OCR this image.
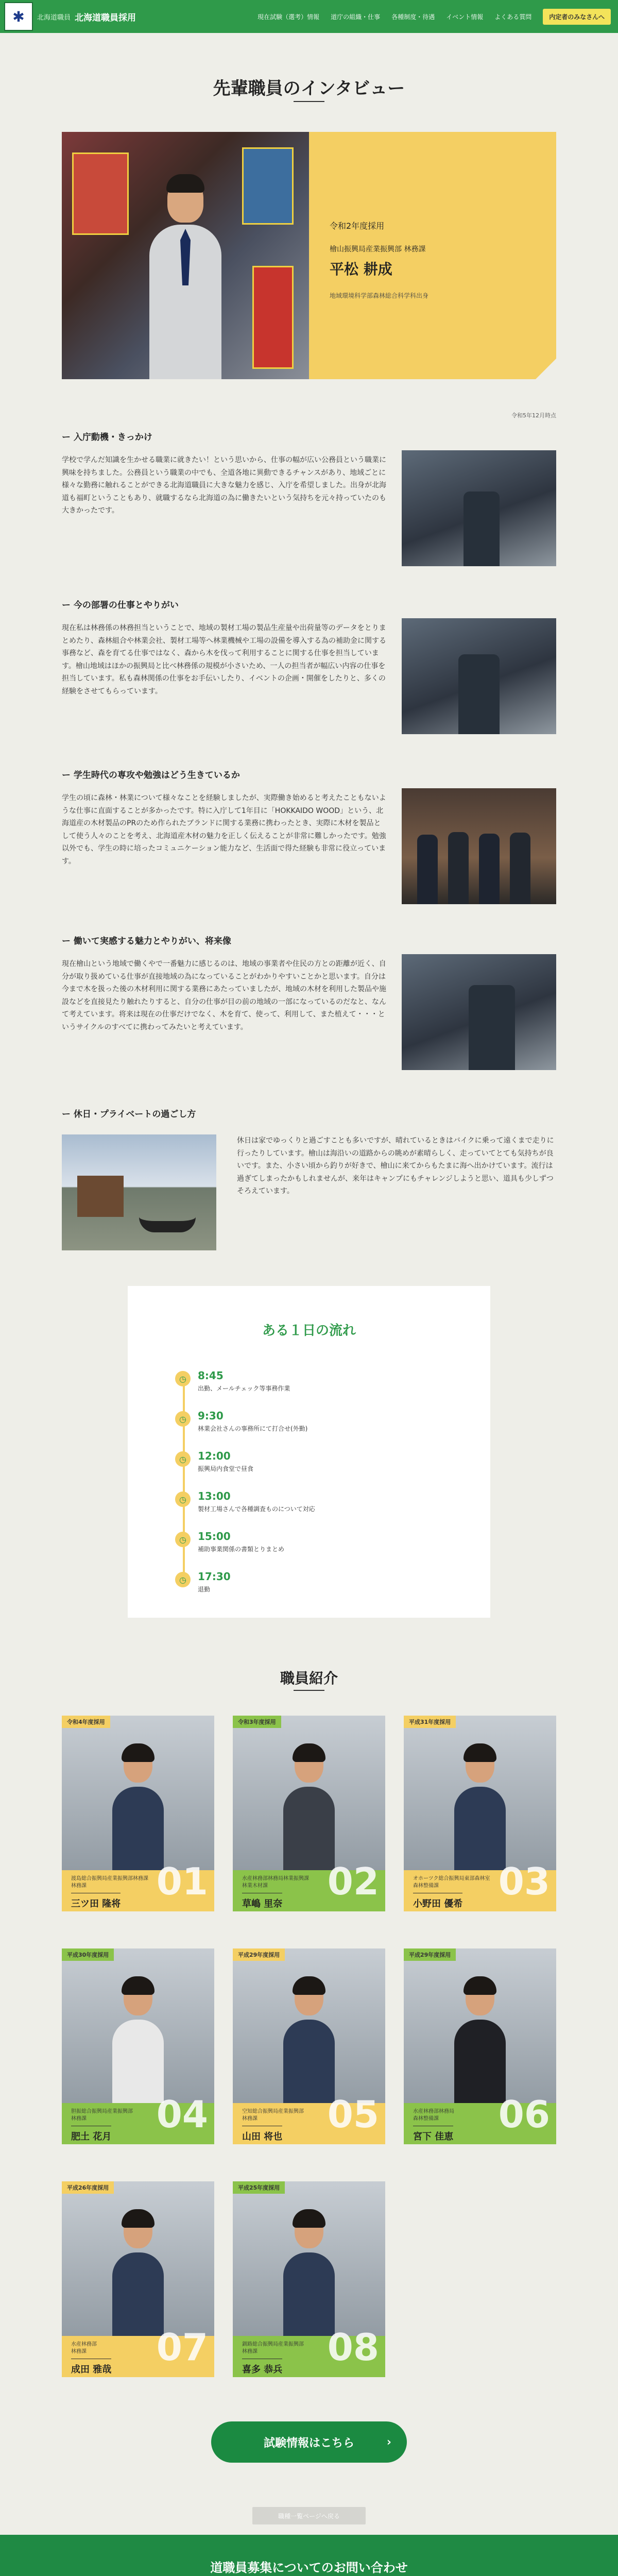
✱ 北海道職員 北海道職員採用	現在試験（選考）情報 道庁の組織・仕事 各種制度・待遇 イベント情報 よくある質問	内定者のみなさんへ
先輩職員のインタビュー
令和2年度採用
檜山振興局産業振興部 林務課
平松 耕成
地域環境科学部森林総合科学科出身
令和5年12月時点
ー 入庁動機・きっかけ

学校で学んだ知識を生かせる職業に就きたい！という思いから、仕事の幅が広い公務員という職業に興味を持ちました。公務員という職業の中でも、全道各地に異動できるチャンスがあり、地域ごとに様々な勤務に触れることができる北海道職員に大きな魅力を感じ、入庁を希望しました。出身が北海道も福町ということもあり、就職するなら北海道の為に働きたいという気持ちを元々持っていたのも大きかったです。

ー 今の部署の仕事とやりがい

現在私は林務係の林務担当ということで、地域の製材工場の製品生産量や出荷量等のデータをとりまとめたり、森林組合や林業会社、製材工場等へ林業機械や工場の設備を導入する為の補助金に関する事務など、森を育てる仕事ではなく、森から木を伐って利用することに関する仕事を担当しています。檜山地域はほかの振興局と比べ林務係の規模が小さいため、一人の担当者が幅広い内容の仕事を担当しています。私も森林関係の仕事をお手伝いしたり、イベントの企画・開催をしたりと、多くの経験をさせてもらっています。

ー 学生時代の専攻や勉強はどう生きているか

学生の頃に森林・林業について様々なことを経験しましたが、実際働き始めると考えたこともないような仕事に直面することが多かったです。特に入庁して1年目に「HOKKAIDO WOOD」という、北海道産の木材製品のPRのため作られたブランドに関する業務に携わったとき、実際に木材を製品として使う人々のことを考え、北海道産木材の魅力を正しく伝えることが非常に難しかったです。勉強以外でも、学生の時に培ったコミュニケーション能力など、生活面で得た経験も非常に役立っています。

ー 働いて実感する魅力とやりがい、将来像

現在檜山という地域で働くやで一番魅力に感じるのは、地域の事業者や住民の方との距離が近く、自分が取り扱めている仕事が直接地域の為になっていることがわかりやすいことかと思います。自分は今まで木を扱った後の木材利用に関する業務にあたっていましたが、地域の木材を利用した製品や施設などを直接見たり触れたりすると、自分の仕事が目の前の地域の一部になっているのだなと、なんて考えています。将来は現在の仕事だけでなく、木を育て、使って、利用して、また植えて・・・というサイクルのすべてに携わってみたいと考えています。

ー 休日・プライベートの過ごし方

休日は家でゆっくりと過ごすことも多いですが、晴れているときはバイクに乗って遠くまで走りに行ったりしています。檜山は海沿いの道路からの眺めが素晴らしく、走っていてとても気持ちが良いです。また、小さい頃から釣りが好きで、檜山に来てからもたまに海へ出かけています。流行は過ぎてしまったかもしれませんが、来年はキャンプにもチャレンジしようと思い、道具も少しずつそろえています。

ある１日の流れ
◷	8:45
出勤、メールチェック等事務作業
◷	9:30
林業会社さんの事務所にて打合せ(外勤)
◷	12:00
振興局内食堂で昼食
◷	13:00
製材工場さんで各種調査ものについて対応
◷	15:00
補助事業関係の書類とりまとめ
◷	17:30
退勤
職員紹介
令和4年度採用
渡島総合振興局産業振興部林務課
林務課
三ツ田 隆将
01
令和3年度採用
水産林務部林務局林業振興課
林業木材課
草嶋 里奈
02
平成31年度採用
オホーツク総合振興局東部森林室
森林整備課
小野田 優希
03
平成30年度採用
胆振総合振興局産業振興部
林務課
肥土 花月
04
平成29年度採用
空知総合振興局産業振興部
林務課
山田 将也
05
平成29年度採用
水産林務部林務局
森林整備課
宮下 佳恵
06
平成26年度採用
水産林務部
林務課
成田 雅哉
07
平成25年度採用
釧路総合振興局産業振興部
林務課
喜多 恭兵
08
試験情報はこちら	›
職種一覧ページへ戻る
道職員募集についてのお問い合わせ
